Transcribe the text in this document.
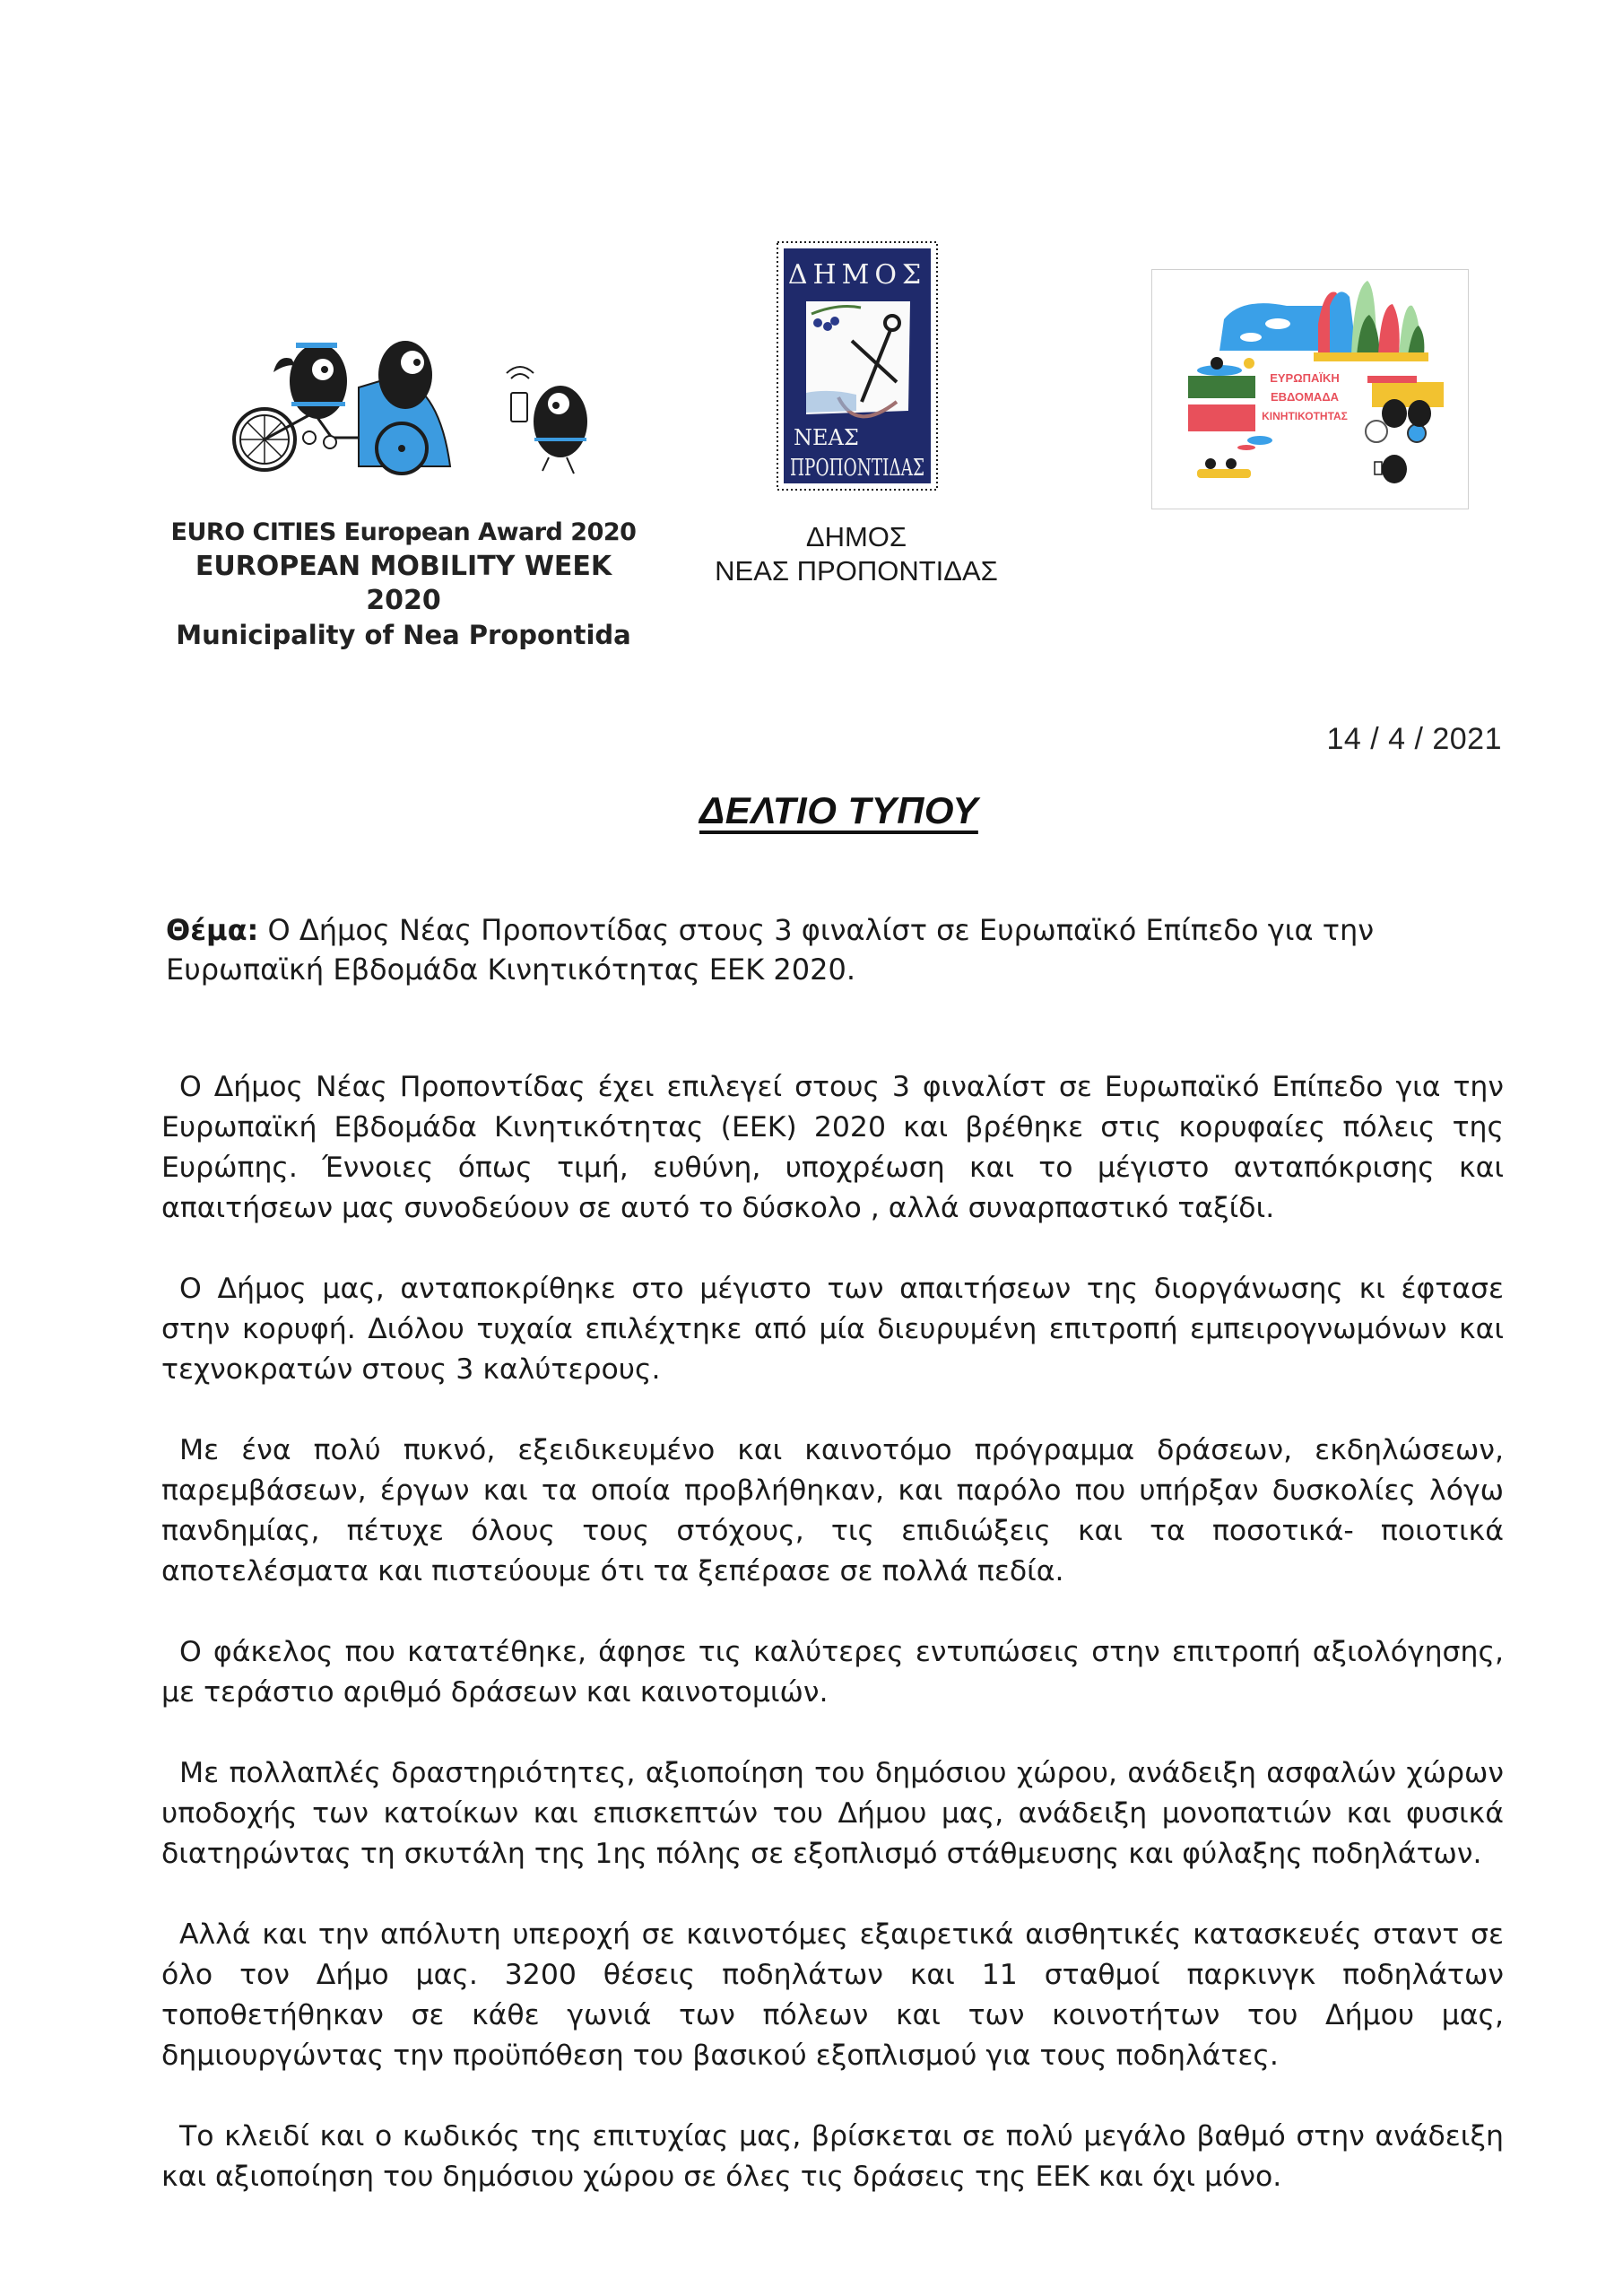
EURO CITIES European Award 2020
EUROPEAN MOBILITY WEEK 2020
Municipality of Nea Propontida
ΔΗΜΟΣ
ΝΕΑΣ
ΠΡΟΠΟΝΤΙΔΑΣ
ΔΗΜΟΣ
ΝΕΑΣ ΠΡΟΠΟΝΤΙΔΑΣ
ΕΥΡΩΠΑΪΚΗ
ΕΒΔΟΜΑΔΑ
ΚΙΝΗΤΙΚΟΤΗΤΑΣ
14 / 4 / 2021
ΔΕΛΤΙΟ ΤΥΠΟΥ
Θέμα: Ο Δήμος Νέας Προποντίδας στους 3 φιναλίστ σε Ευρωπαϊκό Επίπεδο για την Ευρωπαϊκή Εβδομάδα Κινητικότητας ΕΕΚ 2020.

Ο Δήμος Νέας Προποντίδας έχει επιλεγεί στους 3 φιναλίστ σε Ευρωπαϊκό Επίπεδο για την Ευρωπαϊκή Εβδομάδα Κινητικότητας (ΕΕΚ) 2020 και βρέθηκε στις κορυφαίες πόλεις της Ευρώπης. Έννοιες όπως τιμή, ευθύνη, υποχρέωση και το μέγιστο ανταπόκρισης και απαιτήσεων μας συνοδεύουν σε αυτό το δύσκολο , αλλά συναρπαστικό ταξίδι.

Ο Δήμος μας, ανταποκρίθηκε στο μέγιστο των απαιτήσεων της διοργάνωσης κι έφτασε στην κορυφή. Διόλου τυχαία επιλέχτηκε από μία διευρυμένη επιτροπή εμπειρογνωμόνων και τεχνοκρατών στους 3 καλύτερους.

Με ένα πολύ πυκνό, εξειδικευμένο και καινοτόμο πρόγραμμα δράσεων, εκδηλώσεων, παρεμβάσεων, έργων και τα οποία προβλήθηκαν, και παρόλο που υπήρξαν δυσκολίες λόγω πανδημίας, πέτυχε όλους τους στόχους, τις επιδιώξεις και τα ποσοτικά- ποιοτικά αποτελέσματα και πιστεύουμε ότι τα ξεπέρασε σε πολλά πεδία.

Ο φάκελος που κατατέθηκε, άφησε τις καλύτερες εντυπώσεις στην επιτροπή αξιολόγησης, με τεράστιο αριθμό δράσεων και καινοτομιών.

Με πολλαπλές δραστηριότητες, αξιοποίηση του δημόσιου χώρου, ανάδειξη ασφαλών χώρων υποδοχής των κατοίκων και επισκεπτών του Δήμου μας, ανάδειξη μονοπατιών και φυσικά διατηρώντας τη σκυτάλη της 1ης πόλης σε εξοπλισμό στάθμευσης και φύλαξης ποδηλάτων.

Αλλά και την απόλυτη υπεροχή σε καινοτόμες εξαιρετικά αισθητικές κατασκευές σταντ σε όλο τον Δήμο μας. 3200 θέσεις ποδηλάτων και 11 σταθμοί παρκινγκ ποδηλάτων τοποθετήθηκαν σε κάθε γωνιά των πόλεων και των κοινοτήτων του Δήμου μας, δημιουργώντας την προϋπόθεση του βασικού εξοπλισμού για τους ποδηλάτες.

Το κλειδί και ο κωδικός της επιτυχίας μας, βρίσκεται σε πολύ μεγάλο βαθμό στην ανάδειξη και αξιοποίηση του δημόσιου χώρου σε όλες τις δράσεις της ΕΕΚ και όχι μόνο.
